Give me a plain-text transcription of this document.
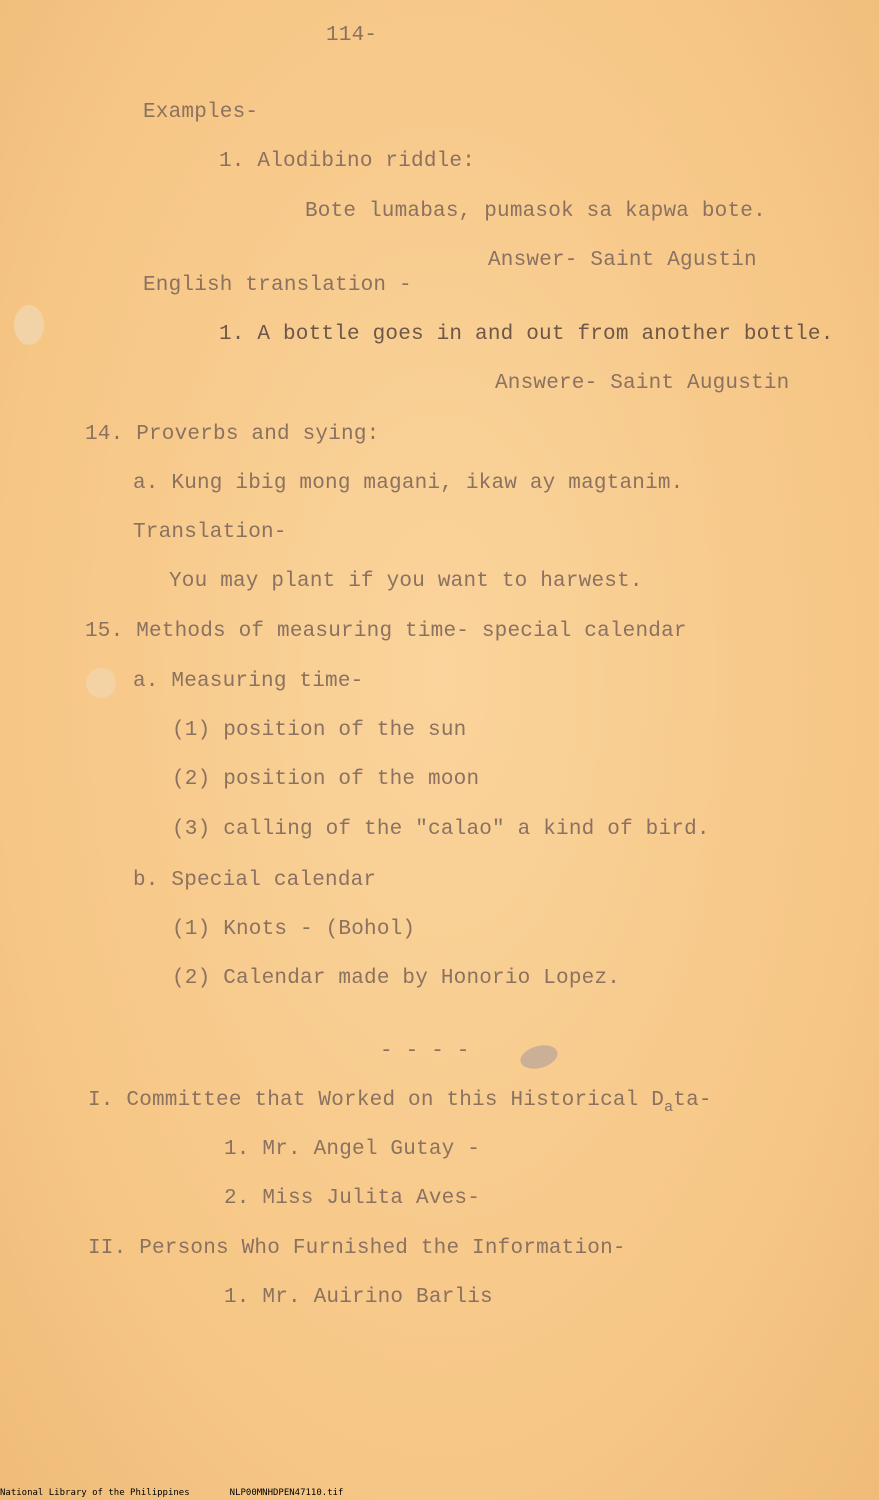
114-
Examples-
1. Alodibino riddle:
Bote lumabas, pumasok sa kapwa bote.
Answer- Saint Agustin
English translation -
1. A bottle goes in and out from another bottle.
Answere- Saint Augustin
14. Proverbs and sying:
a. Kung ibig mong magani, ikaw ay magtanim.
Translation-
You may plant if you want to harwest.
15. Methods of measuring time- special calendar
a. Measuring time-
(1) position of the sun
(2) position of the moon
(3) calling of the "calao" a kind of bird.
b. Special calendar
(1) Knots - (Bohol)
(2) Calendar made by Honorio Lopez.
- - - -
I. Committee that Worked on this Historical $D_ata-$
1. Mr. Angel Gutay -
2. Miss Julita Aves-
II. Persons Who Furnished the Information-
1. Mr. Auirino Barlis
National Library of the Philippines	NLP00MNHDPEN47110.tif
